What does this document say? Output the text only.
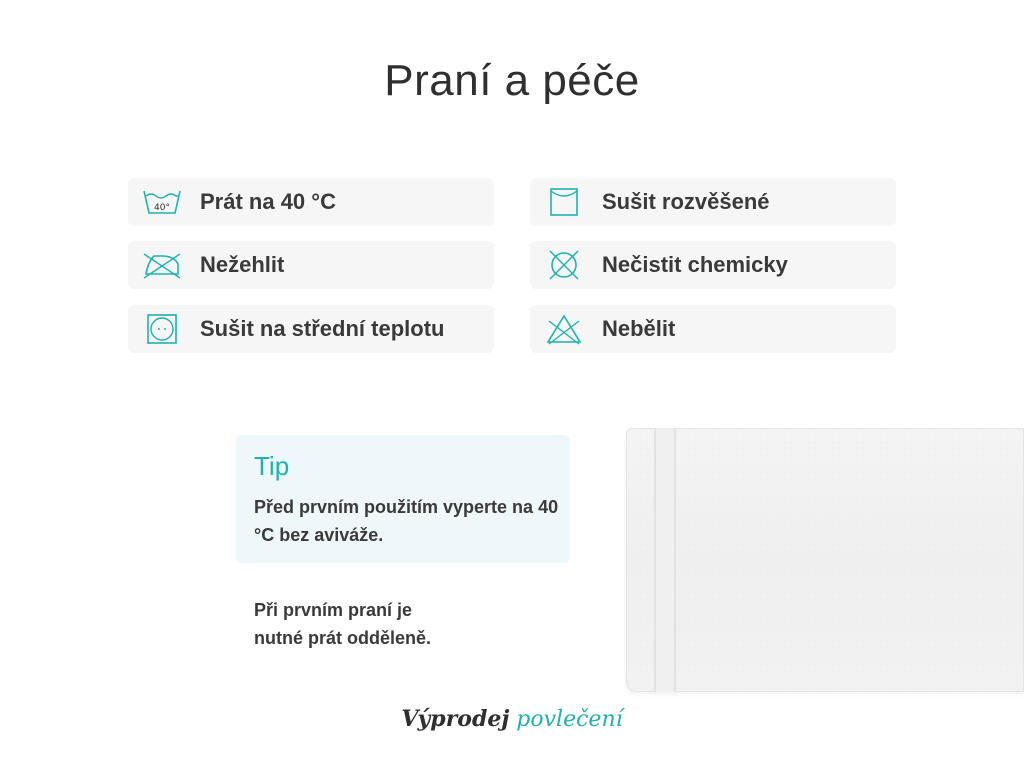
Praní a péče
40° Prát na 40 °C	Sušit rozvěšené
Nežehlit	Nečistit chemicky
Sušit na střední teplotu	Nebělit
Tip
Před prvním použitím vyperte na 40 °C bez aviváže.
Při prvním praní je
nutné prát odděleně.
Výprodej povlečení
